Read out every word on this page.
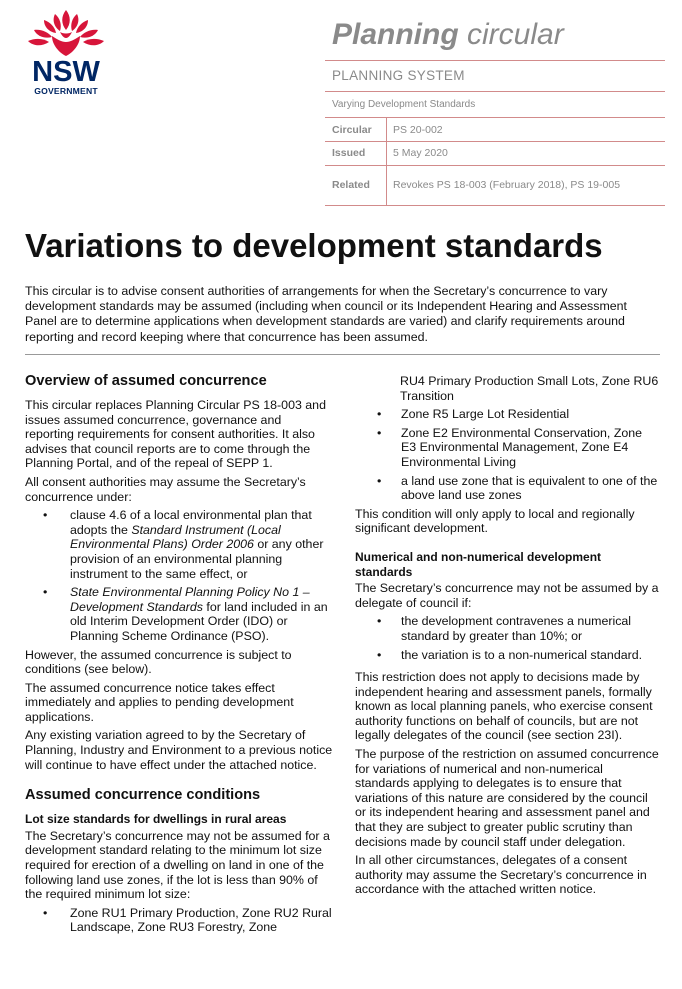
NSW
GOVERNMENT
Planning circular
PLANNING SYSTEM
Varying Development Standards
Circular PS 20-002
Issued	5 May 2020
Related Revokes PS 18-003 (February 2018), PS 19-005
Variations to development standards
This circular is to advise consent authorities of arrangements for when the Secretary’s concurrence to vary development standards may be assumed (including when council or its Independent Hearing and Assessment Panel are to determine applications when development standards are varied) and clarify requirements around reporting and record keeping where that concurrence has been assumed.
Overview of assumed concurrence

This circular replaces Planning Circular PS 18-003 and issues assumed concurrence, governance and reporting requirements for consent authorities. It also advises that council reports are to come through the Planning Portal, and of the repeal of SEPP 1.

All consent authorities may assume the Secretary’s concurrence under:

• clause 4.6 of a local environmental plan that adopts the Standard Instrument (Local Environmental Plans) Order 2006 or any other provision of an environmental planning instrument to the same effect, or
• State Environmental Planning Policy No 1 – Development Standards for land included in an old Interim Development Order (IDO) or Planning Scheme Ordinance (PSO).

However, the assumed concurrence is subject to conditions (see below).

The assumed concurrence notice takes effect immediately and applies to pending development applications.

Any existing variation agreed to by the Secretary of Planning, Industry and Environment to a previous notice will continue to have effect under the attached notice.

Assumed concurrence conditions
Lot size standards for dwellings in rural areas

The Secretary’s concurrence may not be assumed for a development standard relating to the minimum lot size required for erection of a dwelling on land in one of the following land use zones, if the lot is less than 90% of the required minimum lot size:

• Zone RU1 Primary Production, Zone RU2 Rural Landscape, Zone RU3 Forestry, Zone
RU4 Primary Production Small Lots, Zone RU6 Transition
• Zone R5 Large Lot Residential
• Zone E2 Environmental Conservation, Zone E3 Environmental Management, Zone E4 Environmental Living
• a land use zone that is equivalent to one of the above land use zones

This condition will only apply to local and regionally significant development.

Numerical and non-numerical development standards

The Secretary’s concurrence may not be assumed by a delegate of council if:

• the development contravenes a numerical standard by greater than 10%; or
• the variation is to a non-numerical standard.

This restriction does not apply to decisions made by independent hearing and assessment panels, formally known as local planning panels, who exercise consent authority functions on behalf of councils, but are not legally delegates of the council (see section 23I).

The purpose of the restriction on assumed concurrence for variations of numerical and non-numerical standards applying to delegates is to ensure that variations of this nature are considered by the council or its independent hearing and assessment panel and that they are subject to greater public scrutiny than decisions made by council staff under delegation.

In all other circumstances, delegates of a consent authority may assume the Secretary’s concurrence in accordance with the attached written notice.
